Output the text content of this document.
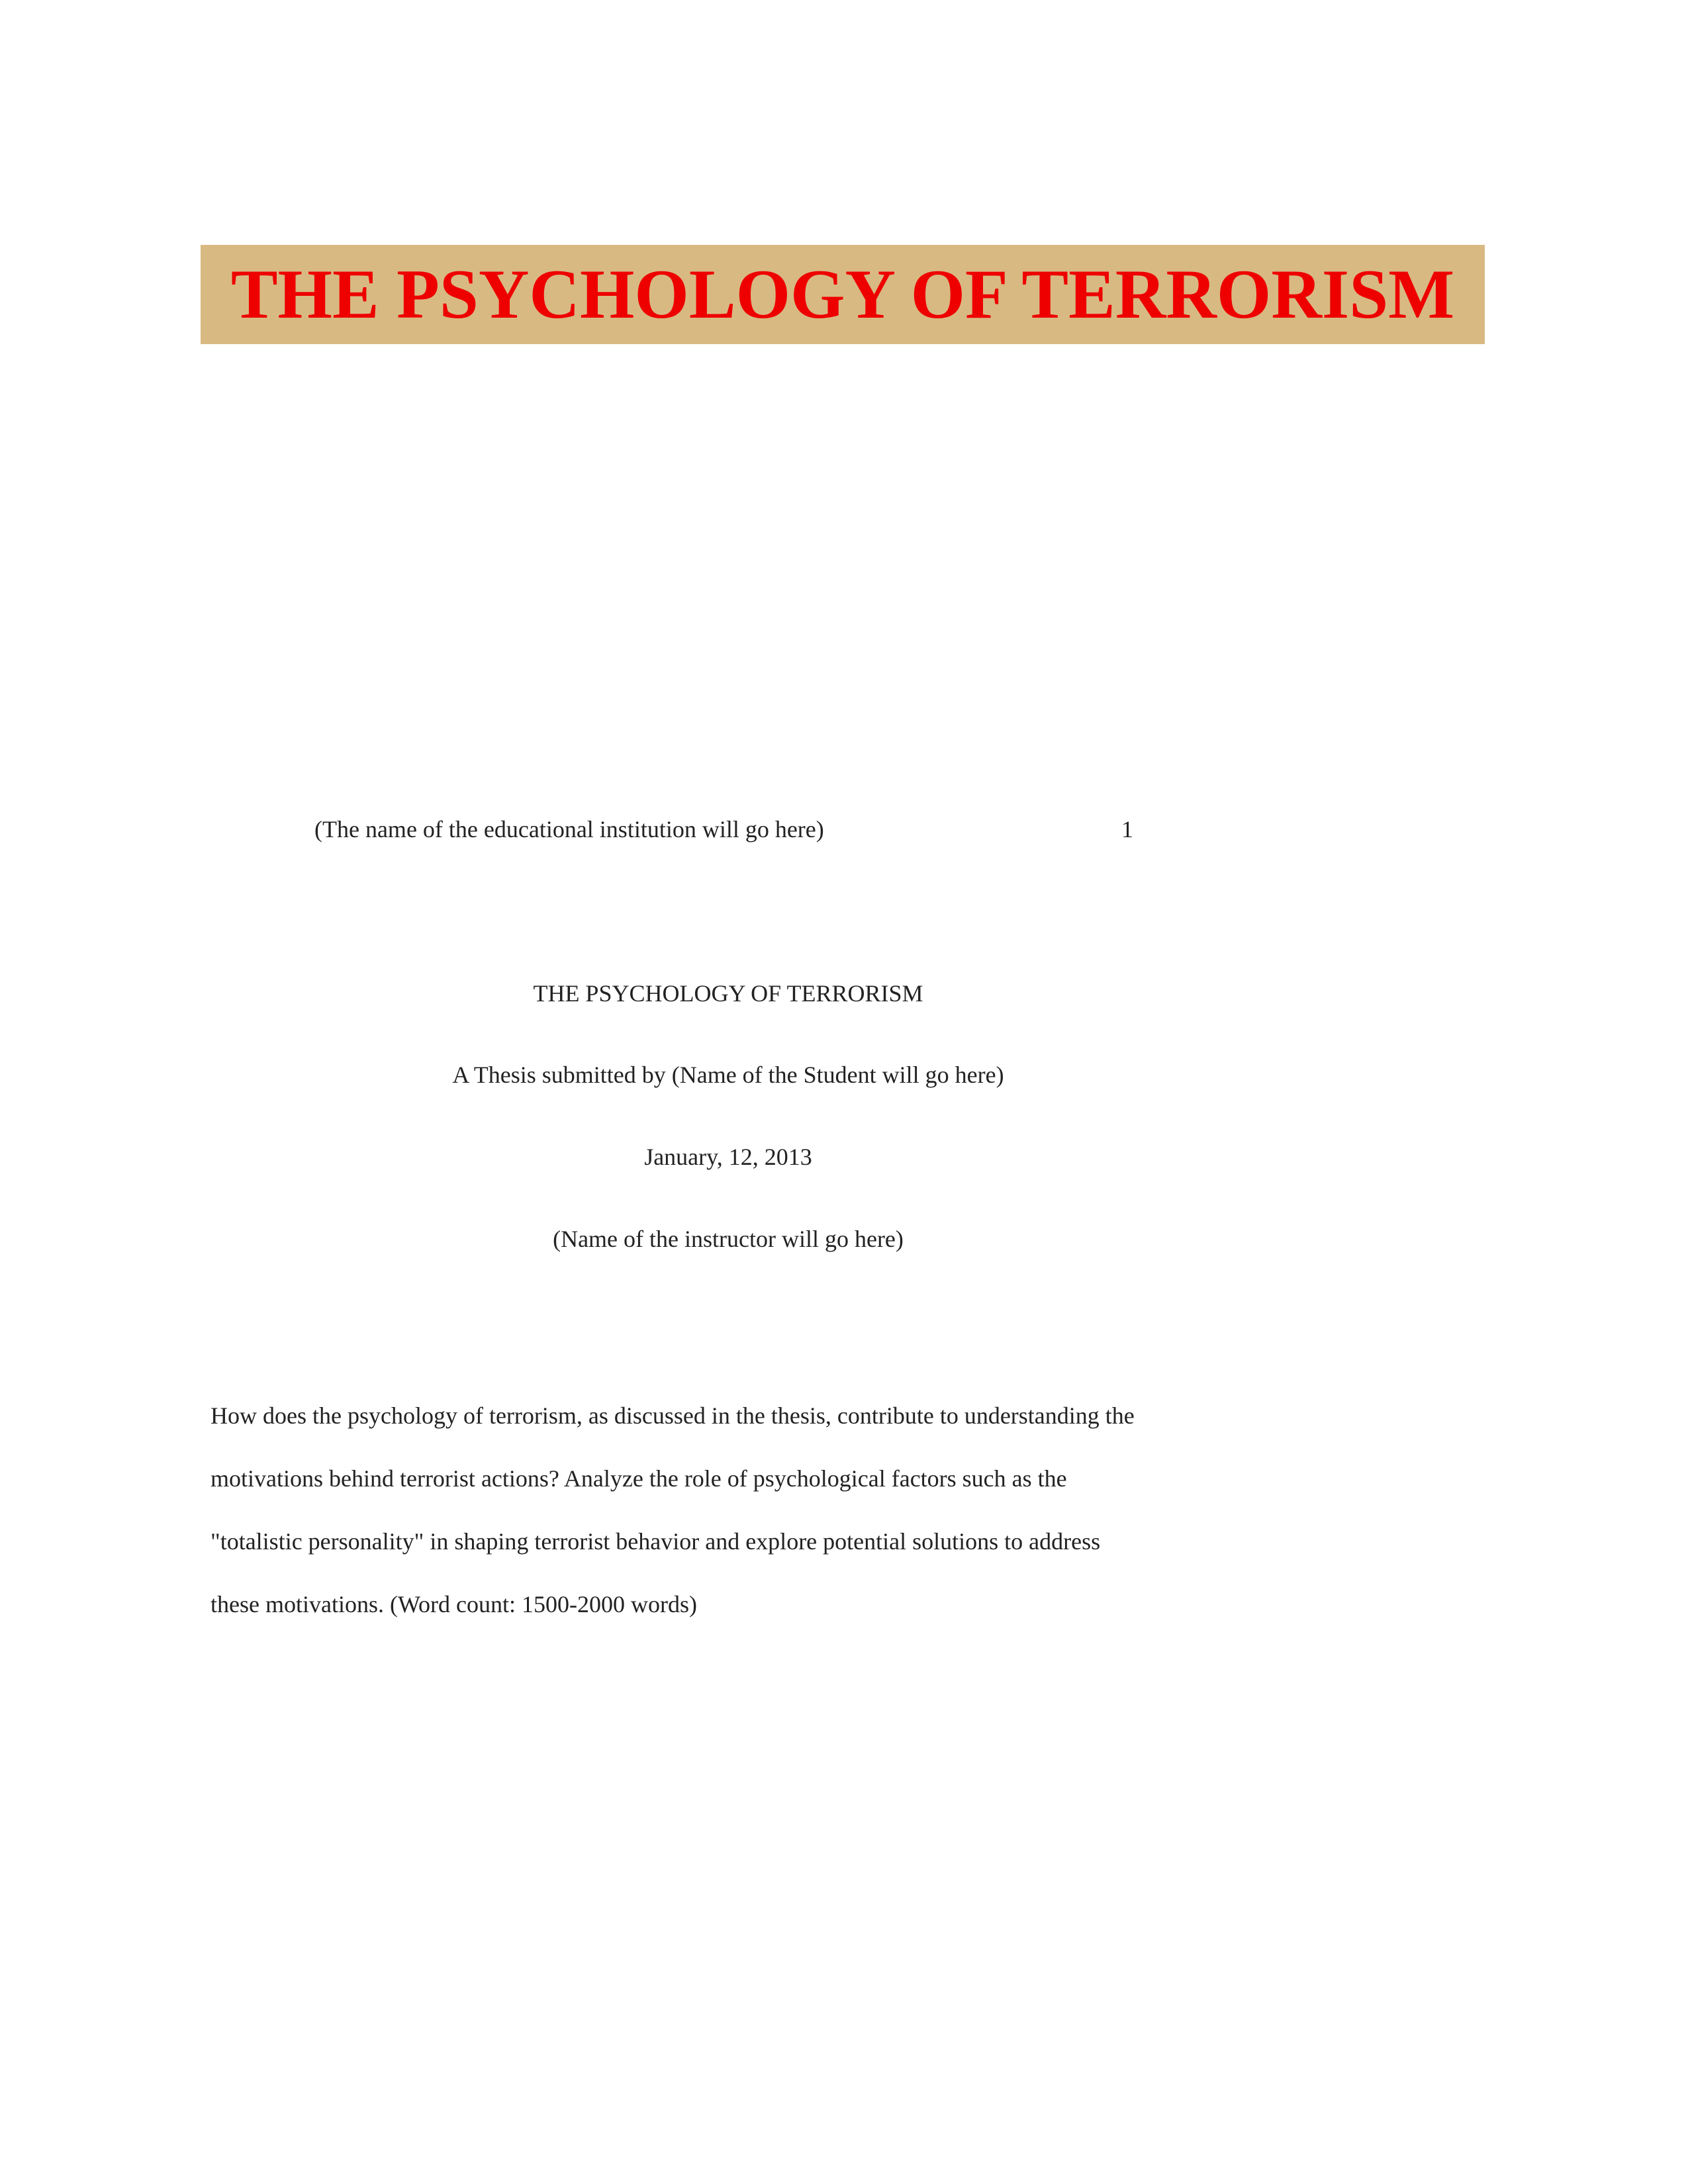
THE PSYCHOLOGY OF TERRORISM
(The name of the educational institution will go here)	1
THE PSYCHOLOGY OF TERRORISM
A Thesis submitted by (Name of the Student will go here)
January, 12, 2013
(Name of the instructor will go here)
How does the psychology of terrorism, as discussed in the thesis, contribute to understanding the
motivations behind terrorist actions? Analyze the role of psychological factors such as the
"totalistic personality" in shaping terrorist behavior and explore potential solutions to address
these motivations. (Word count: 1500-2000 words)
